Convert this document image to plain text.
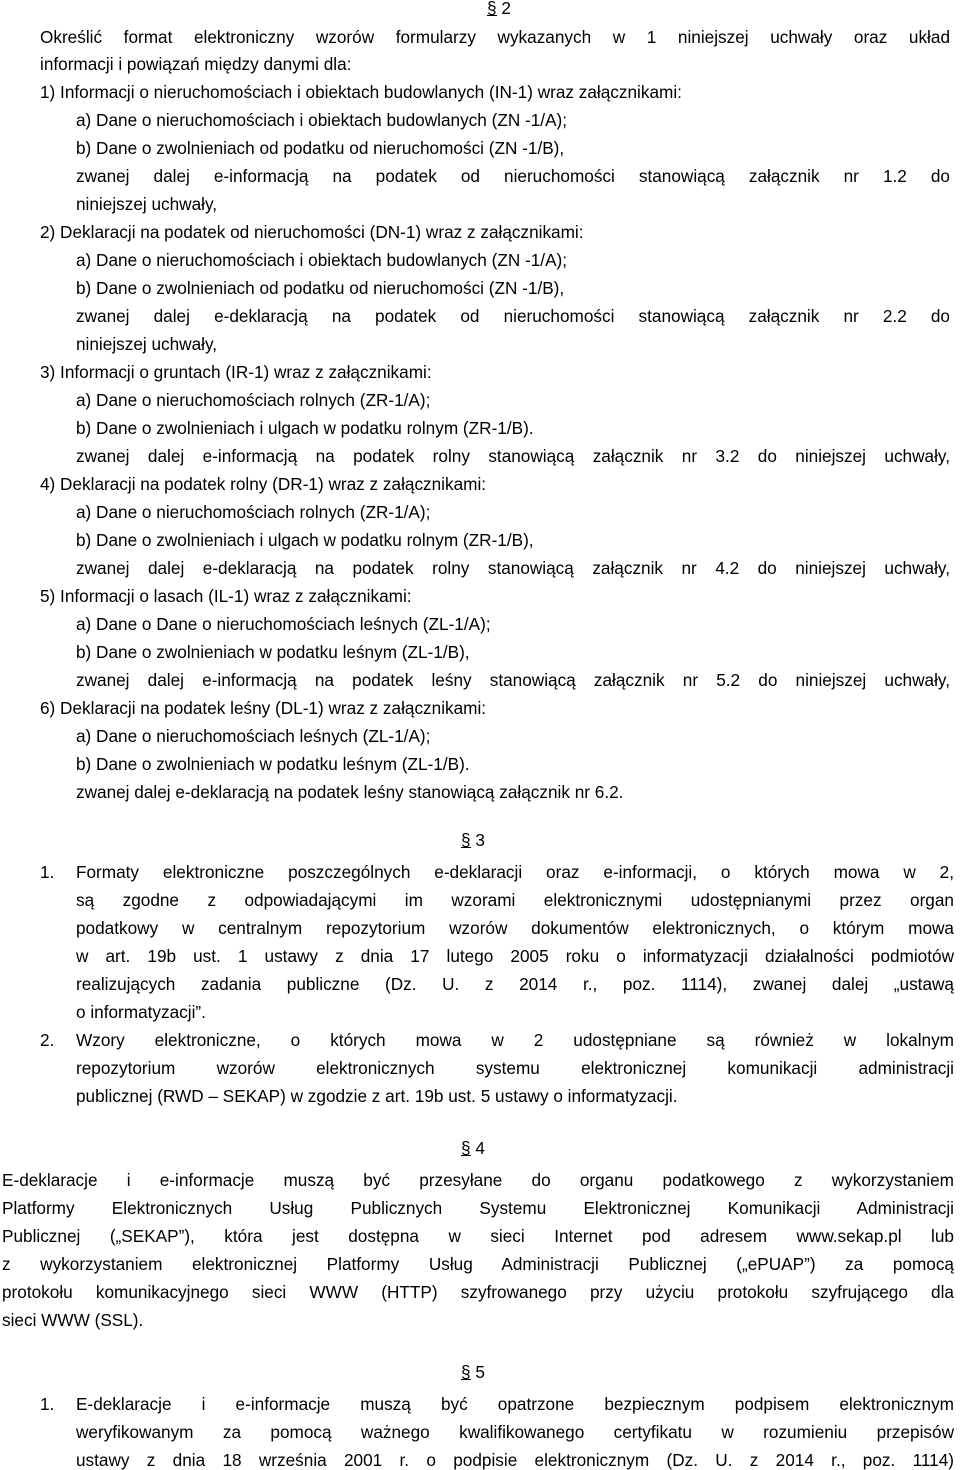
§ 2
Określić format elektroniczny wzorów formularzy wykazanych w 1 niniejszej uchwały oraz układ
informacji i powiązań między danymi dla:
1) Informacji o nieruchomościach i obiektach budowlanych (IN-1) wraz załącznikami:
a) Dane o nieruchomościach i obiektach budowlanych (ZN -1/A);
b) Dane o zwolnieniach od podatku od nieruchomości (ZN -1/B),
zwanej dalej e-informacją na podatek od nieruchomości stanowiącą załącznik nr 1.2 do
niniejszej uchwały,
2) Deklaracji na podatek od nieruchomości (DN-1) wraz z załącznikami:
a) Dane o nieruchomościach i obiektach budowlanych (ZN -1/A);
b) Dane o zwolnieniach od podatku od nieruchomości (ZN -1/B),
zwanej dalej e-deklaracją na podatek od nieruchomości stanowiącą załącznik nr 2.2 do
niniejszej uchwały,
3) Informacji o gruntach (IR-1) wraz z załącznikami:
a) Dane o nieruchomościach rolnych (ZR-1/A);
b) Dane o zwolnieniach i ulgach w podatku rolnym (ZR-1/B).
zwanej dalej e-informacją na podatek rolny stanowiącą załącznik nr 3.2 do niniejszej uchwały,
4) Deklaracji na podatek rolny (DR-1) wraz z załącznikami:
a) Dane o nieruchomościach rolnych (ZR-1/A);
b) Dane o zwolnieniach i ulgach w podatku rolnym (ZR-1/B),
zwanej dalej e-deklaracją na podatek rolny stanowiącą załącznik nr 4.2 do niniejszej uchwały,
5) Informacji o lasach (IL-1) wraz z załącznikami:
a) Dane o Dane o nieruchomościach leśnych (ZL-1/A);
b) Dane o zwolnieniach w podatku leśnym (ZL-1/B),
zwanej dalej e-informacją na podatek leśny stanowiącą załącznik nr 5.2 do niniejszej uchwały,
6) Deklaracji na podatek leśny (DL-1) wraz z załącznikami:
a) Dane o nieruchomościach leśnych (ZL-1/A);
b) Dane o zwolnieniach w podatku leśnym (ZL-1/B).
zwanej dalej e-deklaracją na podatek leśny stanowiącą załącznik nr 6.2.
§ 3
1. Formaty elektroniczne poszczególnych e-deklaracji oraz e-informacji, o których mowa w 2,
są zgodne z odpowiadającymi im wzorami elektronicznymi udostępnianymi przez organ
podatkowy w centralnym repozytorium wzorów dokumentów elektronicznych, o którym mowa
w art. 19b ust. 1 ustawy z dnia 17 lutego 2005 roku o informatyzacji działalności podmiotów
realizujących zadania publiczne (Dz. U. z 2014 r., poz. 1114), zwanej dalej „ustawą
o informatyzacji”.
2. Wzory elektroniczne, o których mowa w 2 udostępniane są również w lokalnym
repozytorium wzorów elektronicznych systemu elektronicznej komunikacji administracji
publicznej (RWD – SEKAP) w zgodzie z art. 19b ust. 5 ustawy o informatyzacji.
§ 4
E-deklaracje i e-informacje muszą być przesyłane do organu podatkowego z wykorzystaniem
Platformy Elektronicznych Usług Publicznych Systemu Elektronicznej Komunikacji Administracji
Publicznej („SEKAP”), która jest dostępna w sieci Internet pod adresem www.sekap.pl lub
z wykorzystaniem elektronicznej Platformy Usług Administracji Publicznej („ePUAP”) za pomocą
protokołu komunikacyjnego sieci WWW (HTTP) szyfrowanego przy użyciu protokołu szyfrującego dla
sieci WWW (SSL).
§ 5
1. E-deklaracje i e-informacje muszą być opatrzone bezpiecznym podpisem elektronicznym
weryfikowanym za pomocą ważnego kwalifikowanego certyfikatu w rozumieniu przepisów
ustawy z dnia 18 września 2001 r. o podpisie elektronicznym (Dz. U. z 2014 r., poz. 1114)
